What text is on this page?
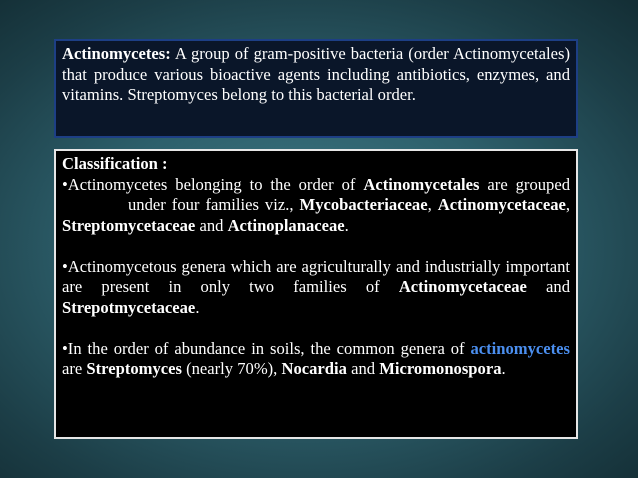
Actinomycetes: A group of gram-positive bacteria (order Actinomycetales) that produce various bioactive agents including antibiotics, enzymes, and vitamins. Streptomyces belong to this bacterial order.

Classification :

•Actinomycetes belonging to the order of Actinomycetales are groupedunder four families viz., Mycobacteriaceae, Actinomycetaceae, Streptomycetaceae and Actinoplanaceae.

•Actinomycetous genera which are agriculturally and industrially important are present in only two families of Actinomycetaceae and Strepotmycetaceae.

•In the order of abundance in soils, the common genera of actinomycetes are Streptomyces (nearly 70%), Nocardia and Micromonospora.
